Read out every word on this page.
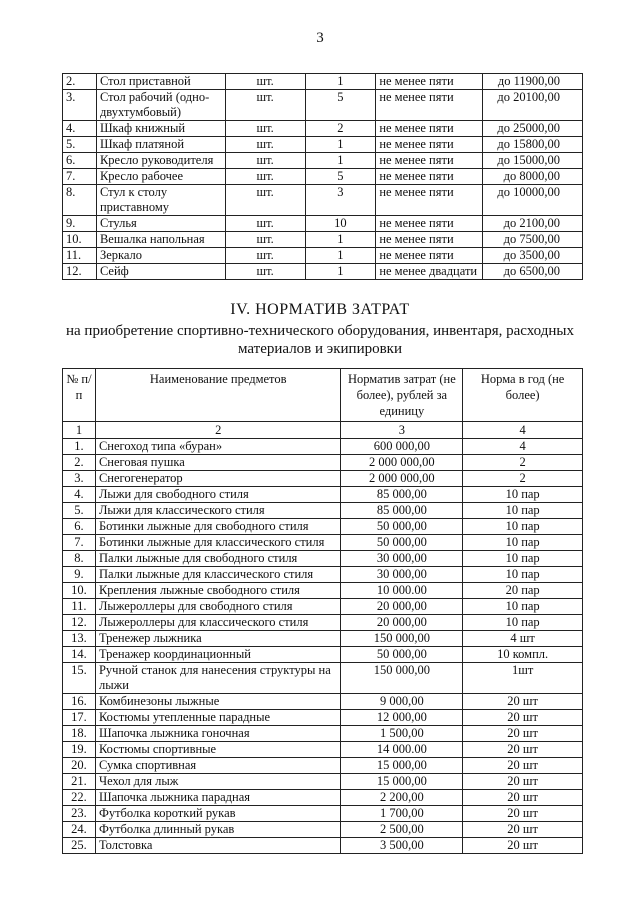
3
2.	Стол приставной	шт.	1	не менее пяти	до 11900,00
3.	Стол рабочий (одно-двухтумбовый)	шт.	5	не менее пяти	до 20100,00
4.	Шкаф книжный	шт.	2	не менее пяти	до 25000,00
5.	Шкаф платяной	шт.	1	не менее пяти	до 15800,00
6.	Кресло руководителя	шт.	1	не менее пяти	до 15000,00
7.	Кресло рабочее	шт.	5	не менее пяти	до 8000,00
8.	Стул к столу приставному	шт.	3	не менее пяти	до 10000,00
9.	Стулья	шт.	10	не менее пяти	до 2100,00
10.	Вешалка напольная	шт.	1	не менее пяти	до 7500,00
11.	Зеркало	шт.	1	не менее пяти	до 3500,00
12.	Сейф	шт.	1	не менее двадцати	до 6500,00
IV. НОРМАТИВ ЗАТРАТ
на приобретение спортивно-технического оборудования, инвентаря, расходных материалов и экипировки
№ п/п	Наименование предметов	Норматив затрат (не более), рублей за единицу	Норма в год (не более)
1	2	3	4
1.	Снегоход типа «буран»	600 000,00	4
2.	Снеговая пушка	2 000 000,00	2
3.	Снегогенератор	2 000 000,00	2
4.	Лыжи для свободного стиля	85 000,00	10 пар
5.	Лыжи для классического стиля	85 000,00	10 пар
6.	Ботинки лыжные для свободного стиля	50 000,00	10 пар
7.	Ботинки лыжные для классического стиля	50 000,00	10 пар
8.	Палки лыжные для свободного стиля	30 000,00	10 пар
9.	Палки лыжные для классического стиля	30 000,00	10 пар
10.	Крепления лыжные свободного стиля	10 000.00	20 пар
11.	Лыжероллеры для свободного стиля	20 000,00	10 пар
12.	Лыжероллеры для классического стиля	20 000,00	10 пар
13.	Тренежер лыжника	150 000,00	4 шт
14.	Тренажер координационный	50 000,00	10 компл.
15.	Ручной станок для нанесения структуры на лыжи	150 000,00	1шт
16.	Комбинезоны лыжные	9 000,00	20 шт
17.	Костюмы утепленные парадные	12 000,00	20 шт
18.	Шапочка лыжника гоночная	1 500,00	20 шт
19.	Костюмы спортивные	14 000.00	20 шт
20.	Сумка спортивная	15 000,00	20 шт
21.	Чехол для лыж	15 000,00	20 шт
22.	Шапочка лыжника парадная	2 200,00	20 шт
23.	Футболка короткий рукав	1 700,00	20 шт
24.	Футболка длинный рукав	2 500,00	20 шт
25.	Толстовка	3 500,00	20 шт
